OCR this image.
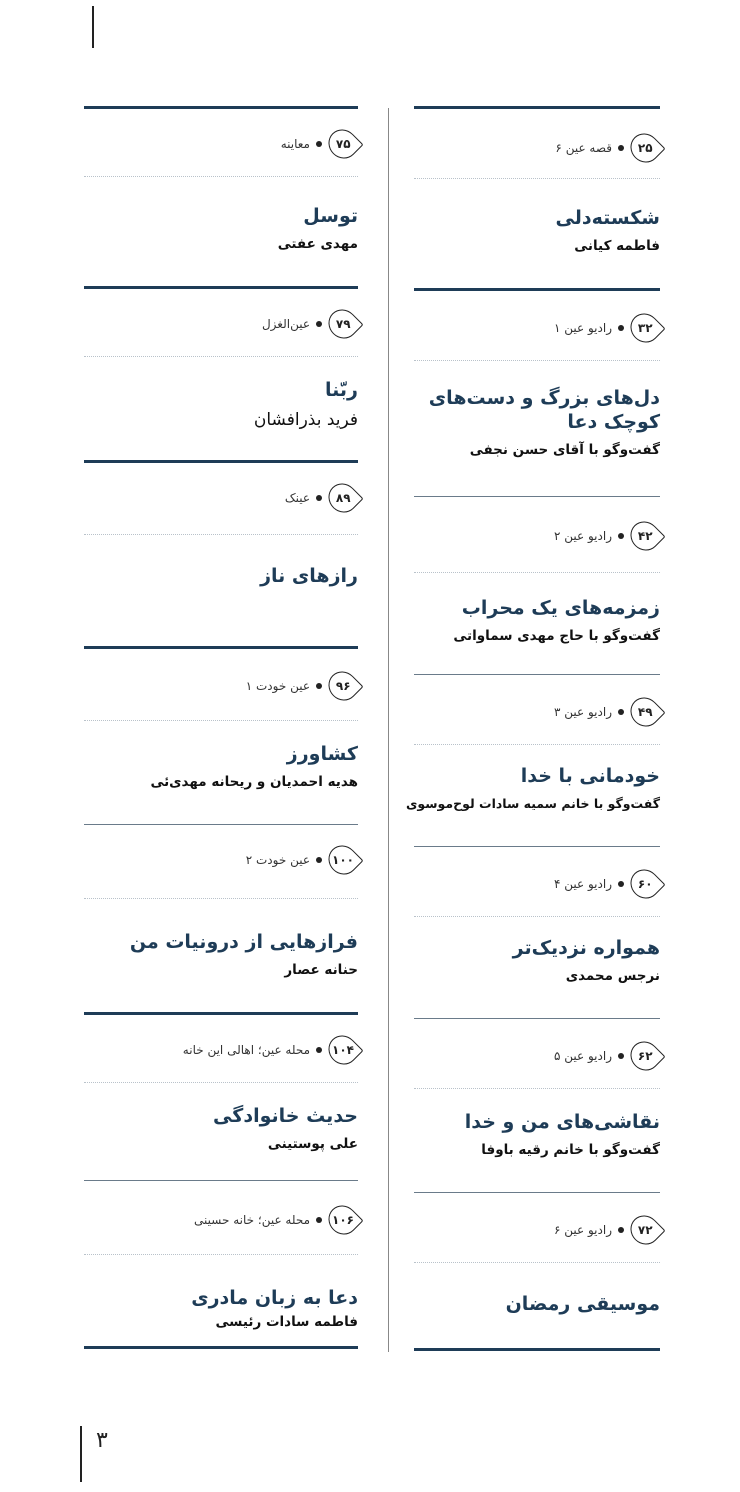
۳
۲۵
قصه عین ۶
شکسته‌دلی
فاطمه کیانی
۳۲
رادیو عین ۱
دل‌های بزرگ و دست‌های
کوچک دعا
گفت‌وگو با آقای حسن نجفی
۴۲
رادیو عین ۲
زمزمه‌های یک محراب
گفت‌وگو با حاج مهدی سماواتی
۴۹
رادیو عین ۳
خودمانی با خدا
گفت‌وگو با خانم سمیه سادات لوح‌موسوی
۶۰
رادیو عین ۴
همواره نزدیک‌تر
نرجس محمدی
۶۲
رادیو عین ۵
نقاشی‌های من و خدا
گفت‌وگو با خانم رقیه باوفا
۷۲
رادیو عین ۶
موسیقی رمضان
۷۵
معاینه
توسل
مهدی عفتی
۷۹
عین‌الغزل
ربّنا
فرید بذرافشان
۸۹
عینک
رازهای ناز
۹۶
عین خودت ۱
کشاورز
هدیه احمدیان و ریحانه مهدی‌ئی
۱۰۰
عین خودت ۲
فرازهایی از درونیات من
حنانه عصار
۱۰۴
محله عین؛ اهالی این خانه
حدیث خانوادگی
علی پوستینی
۱۰۶
محله عین؛ خانه حسینی
دعا به زبان مادری
فاطمه سادات رئیسی
